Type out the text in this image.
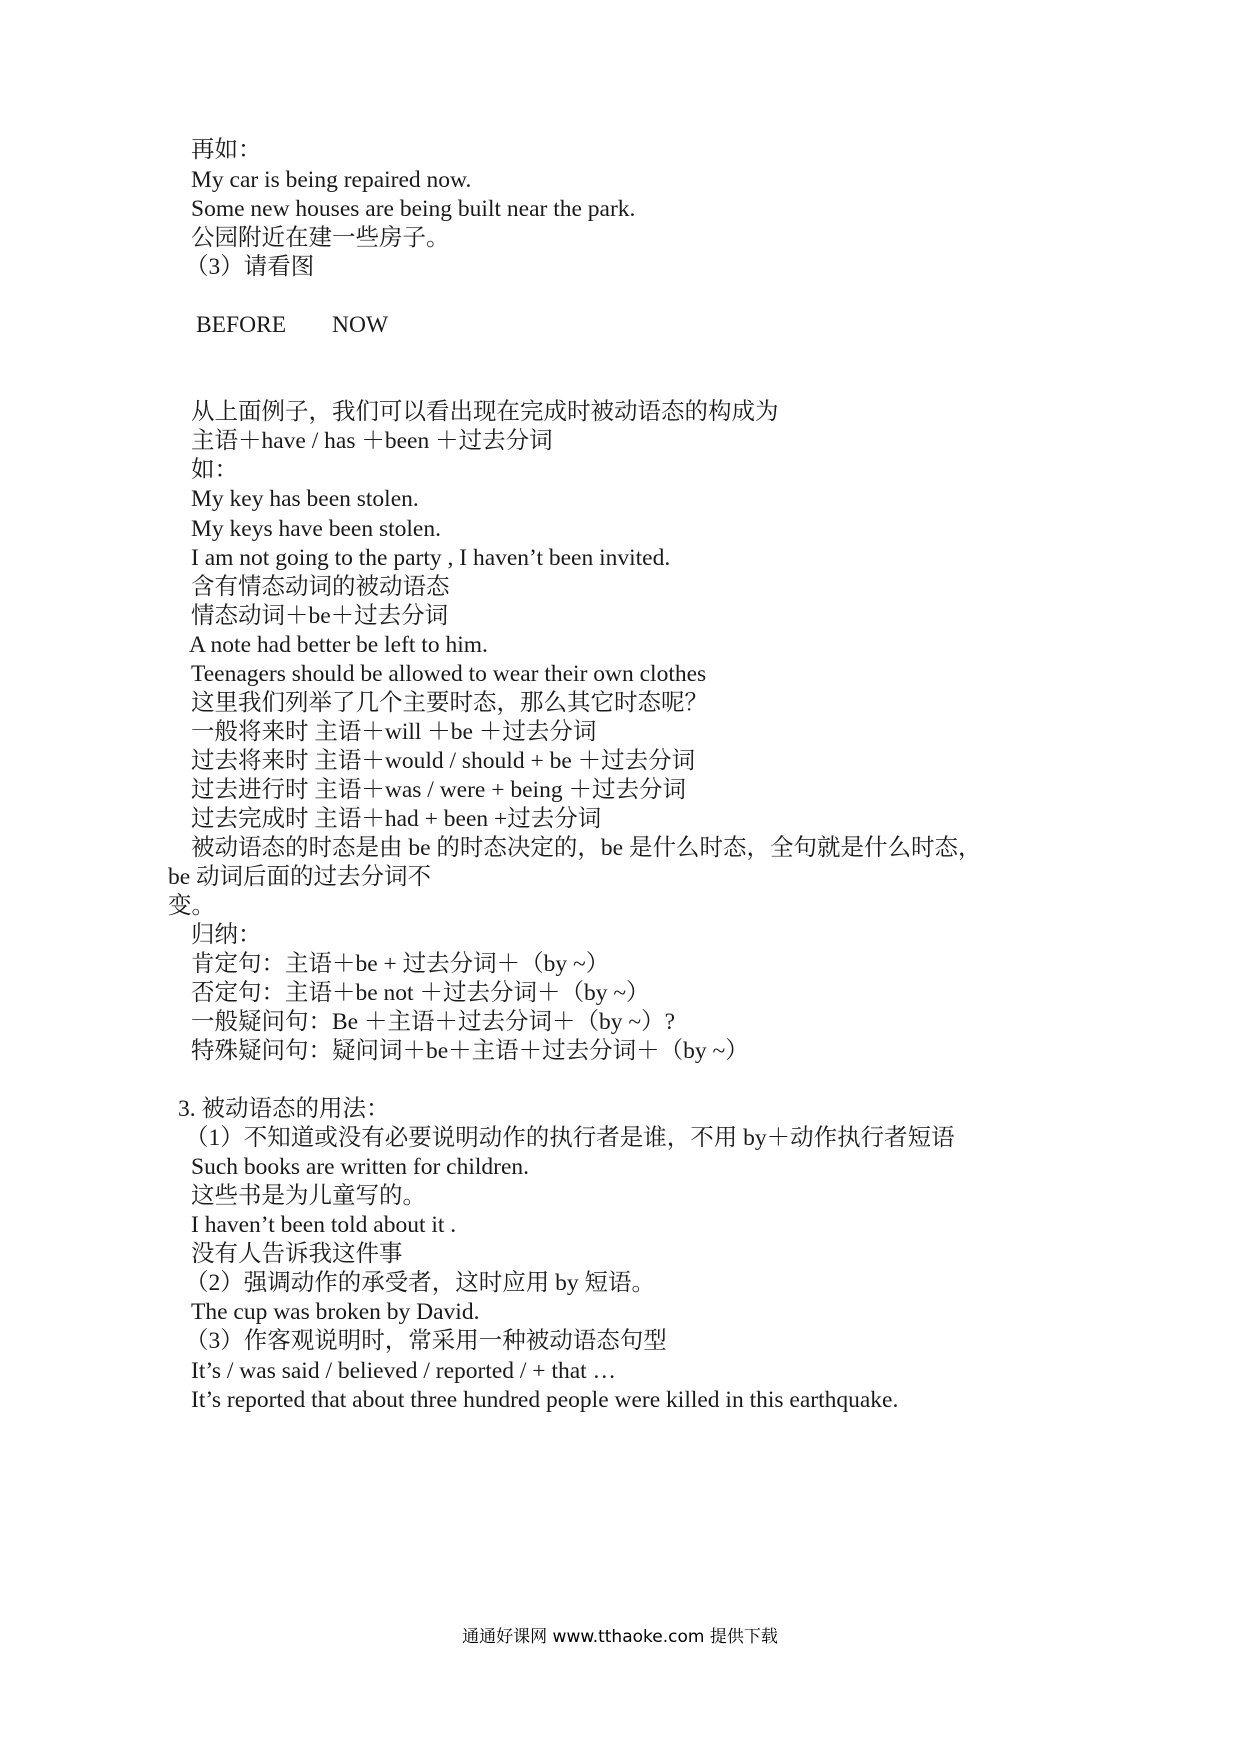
再如：
My car is being repaired now.
Some new houses are being built near the park.
公园附近在建一些房子。
（3）请看图
BEFORE NOW
从上面例子，我们可以看出现在完成时被动语态的构成为
主语＋have / has ＋been ＋过去分词
如：
My key has been stolen.
My keys have been stolen.
I am not going to the party , I haven’t been invited.
含有情态动词的被动语态
情态动词＋be＋过去分词
A note had better be left to him.
Teenagers should be allowed to wear their own clothes
这里我们列举了几个主要时态，那么其它时态呢？
一般将来时 主语＋will ＋be ＋过去分词
过去将来时 主语＋would / should + be ＋过去分词
过去进行时 主语＋was / were + being ＋过去分词
过去完成时 主语＋had + been +过去分词
被动语态的时态是由 be 的时态决定的，be 是什么时态，全句就是什么时态，
be 动词后面的过去分词不
变。
归纳：
肯定句：主语＋be + 过去分词＋（by ~）
否定句：主语＋be not ＋过去分词＋（by ~）
一般疑问句：Be ＋主语＋过去分词＋（by ~）?
特殊疑问句：疑问词＋be＋主语＋过去分词＋（by ~）
3. 被动语态的用法：
（1）不知道或没有必要说明动作的执行者是谁，不用 by＋动作执行者短语
Such books are written for children.
这些书是为儿童写的。
I haven’t been told about it .
没有人告诉我这件事
（2）强调动作的承受者，这时应用 by 短语。
The cup was broken by David.
（3）作客观说明时，常采用一种被动语态句型
It’s / was said / believed / reported / + that …
It’s reported that about three hundred people were killed in this earthquake.
通通好课网 www.tthaoke.com 提供下载
